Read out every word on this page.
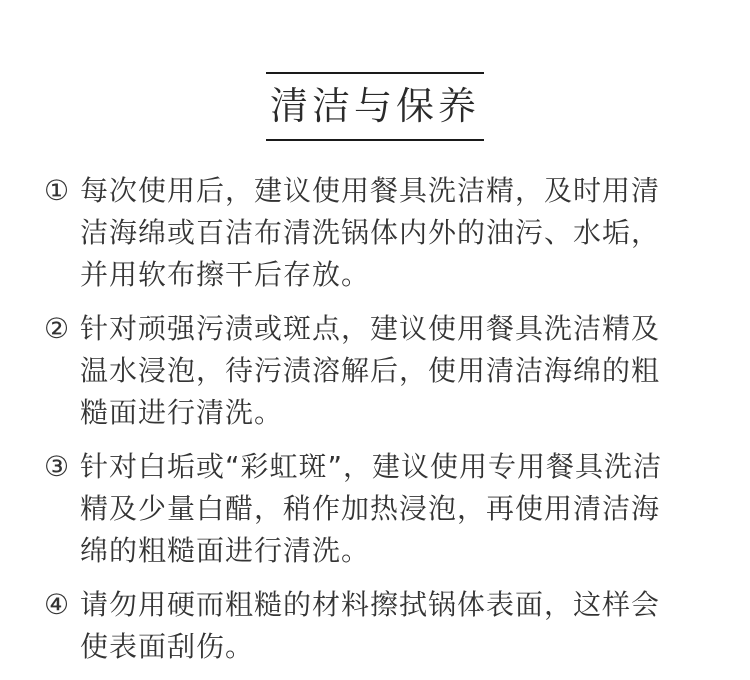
清洁与保养
① 每次使用后，建议使用餐具洗洁精，及时用清洁海绵或百洁布清洗锅体内外的油污、水垢，并用软布擦干后存放。
② 针对顽强污渍或斑点，建议使用餐具洗洁精及温水浸泡，待污渍溶解后，使用清洁海绵的粗糙面进行清洗。
③ 针对白垢或“彩虹斑”，建议使用专用餐具洗洁精及少量白醋，稍作加热浸泡，再使用清洁海绵的粗糙面进行清洗。
④ 请勿用硬而粗糙的材料擦拭锅体表面，这样会使表面刮伤。
